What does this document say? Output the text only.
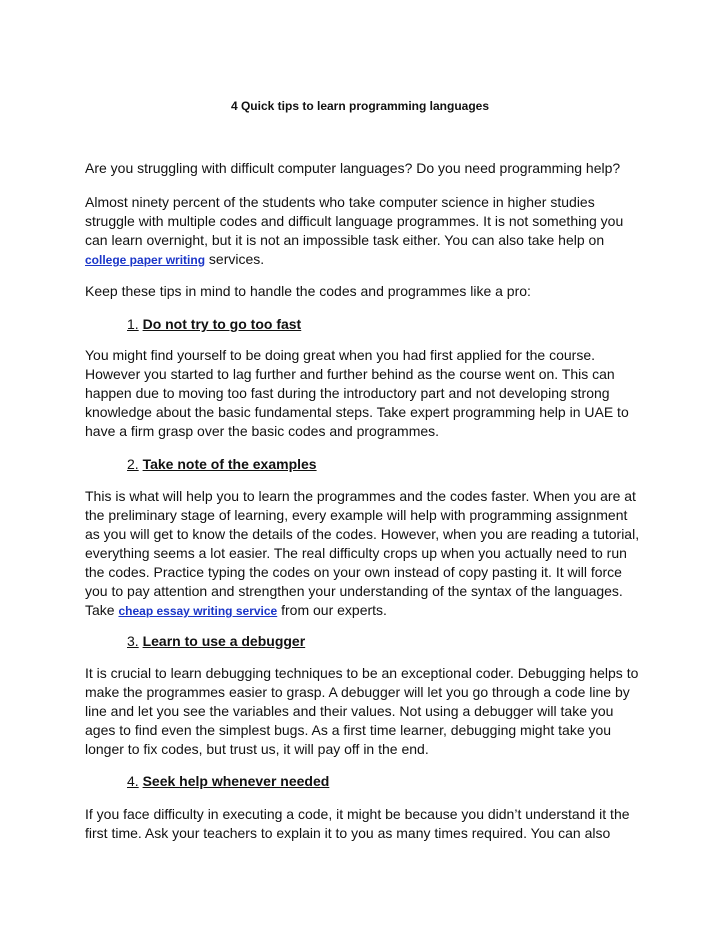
4 Quick tips to learn programming languages

Are you struggling with difficult computer languages? Do you need programming help?

Almost ninety percent of the students who take computer science in higher studies struggle with multiple codes and difficult language programmes. It is not something you can learn overnight, but it is not an impossible task either. You can also take help on college paper writing services.

Keep these tips in mind to handle the codes and programmes like a pro:

1. Do not try to go too fast

You might find yourself to be doing great when you had first applied for the course. However you started to lag further and further behind as the course went on. This can happen due to moving too fast during the introductory part and not developing strong knowledge about the basic fundamental steps. Take expert programming help in UAE to have a firm grasp over the basic codes and programmes.

2. Take note of the examples

This is what will help you to learn the programmes and the codes faster. When you are at the preliminary stage of learning, every example will help with programming assignment as you will get to know the details of the codes. However, when you are reading a tutorial, everything seems a lot easier. The real difficulty crops up when you actually need to run the codes. Practice typing the codes on your own instead of copy pasting it. It will force you to pay attention and strengthen your understanding of the syntax of the languages. Take cheap essay writing service from our experts.

3. Learn to use a debugger

It is crucial to learn debugging techniques to be an exceptional coder. Debugging helps to make the programmes easier to grasp. A debugger will let you go through a code line by line and let you see the variables and their values. Not using a debugger will take you ages to find even the simplest bugs. As a first time learner, debugging might take you longer to fix codes, but trust us, it will pay off in the end.

4. Seek help whenever needed

If you face difficulty in executing a code, it might be because you didn’t understand it the first time. Ask your teachers to explain it to you as many times required. You can also
